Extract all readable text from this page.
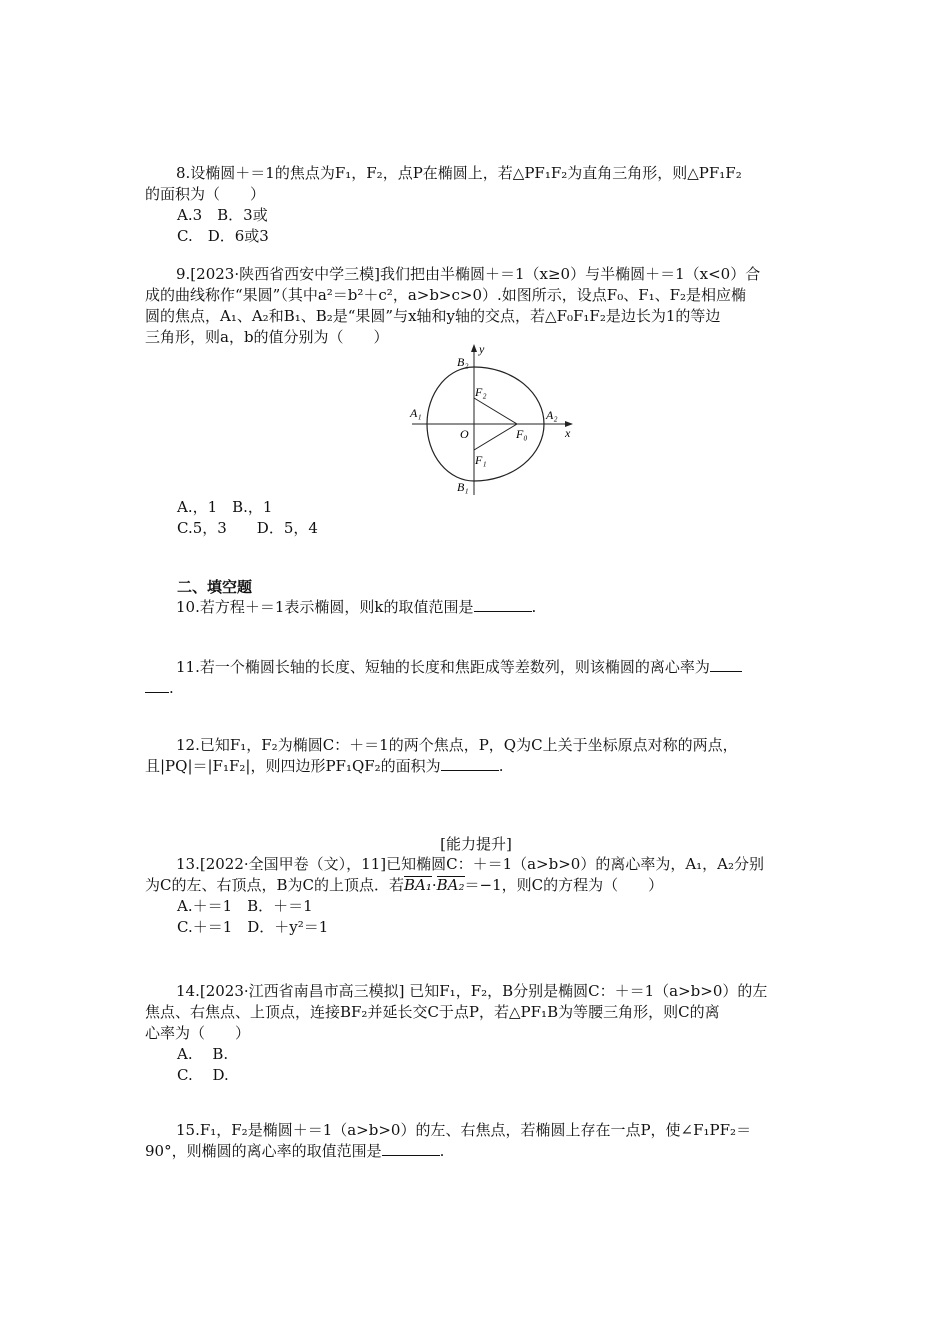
8.设椭圆＋＝1的焦点为F₁，F₂，点P在椭圆上，若△PF₁F₂为直角三角形，则△PF₁F₂
的面积为（　　）
A.3　B．3或
C.　D．6或3
9.[2023·陕西省西安中学三模]我们把由半椭圆＋＝1（x≥0）与半椭圆＋＝1（x<0）合
成的曲线称作“果圆”（其中a²＝b²＋c²，a>b>c>0）.如图所示，设点F₀、F₁、F₂是相应椭
圆的焦点，A₁、A₂和B₁、B₂是“果圆”与x轴和y轴的交点，若△F₀F₁F₂是边长为1的等边
三角形，则a，b的值分别为（　　）
B₂
y
F₂
A₁	A₂
O	F₀	x
F₁
B₁
A.，1　B.，1
C.5，3　　D．5，4
二、填空题
10.若方程＋＝1表示椭圆，则k的取值范围是	.
11.若一个椭圆长轴的长度、短轴的长度和焦距成等差数列，则该椭圆的离心率为
.
12.已知F₁，F₂为椭圆C：＋＝1的两个焦点，P，Q为C上关于坐标原点对称的两点，
且|PQ|＝|F₁F₂|，则四边形PF₁QF₂的面积为	.
[能力提升]
13.[2022·全国甲卷（文），11]已知椭圆C：＋＝1（a>b>0）的离心率为，A₁，A₂分别
为C的左、右顶点，B为C的上顶点．若
BA₁·
BA₂＝−1，则C的方程为（　　）
A.＋＝1　B．＋＝1
C.＋＝1　D．＋y²＝1
14.[2023·江西省南昌市高三模拟] 已知F₁，F₂，B分别是椭圆C：＋＝1（a>b>0）的左
焦点、右焦点、上顶点，连接BF₂并延长交C于点P，若△PF₁B为等腰三角形，则C的离
心率为（　　）
A.　 B.
C.　 D.
15.F₁，F₂是椭圆＋＝1（a>b>0）的左、右焦点，若椭圆上存在一点P，使∠F₁PF₂＝
90°，则椭圆的离心率的取值范围是	.
